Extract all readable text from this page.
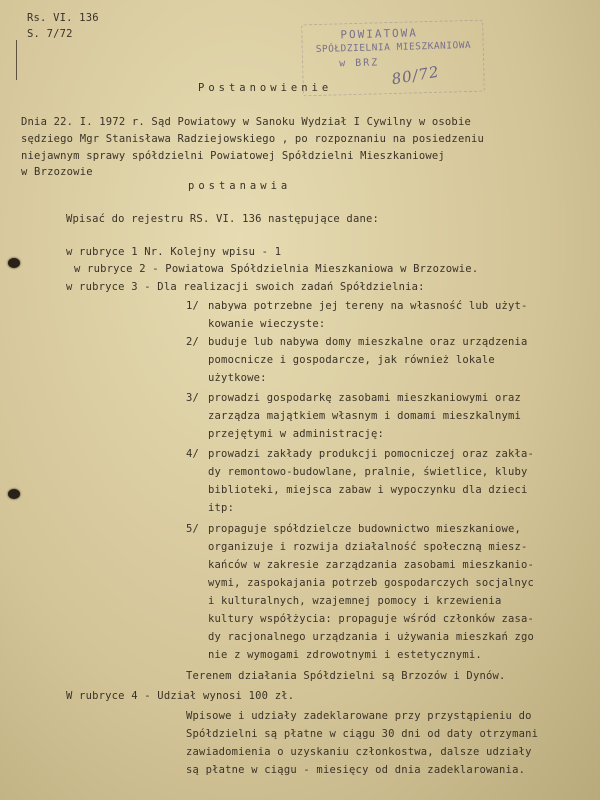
Rs. VI. 136
S. 7/72	POWIATOWA
SPÓŁDZIELNIA MIESZKANIOWA
w BRZ 80/72
Postanowienie
Dnia 22. I. 1972 r. Sąd Powiatowy w Sanoku Wydział I Cywilny w osobie
sędziego Mgr Stanisława Radziejowskiego , po rozpoznaniu na posiedzeniu
niejawnym sprawy spółdzielni Powiatowej Spółdzielni Mieszkaniowej
w Brzozowie
postanawia
Wpisać do rejestru RS. VI. 136 następujące dane:
w rubryce 1 Nr. Kolejny wpisu - 1
w rubryce 2 - Powiatowa Spółdzielnia Mieszkaniowa w Brzozowie.
w rubryce 3 - Dla realizacji swoich zadań Spółdzielnia:
1/ nabywa potrzebne jej tereny na własność lub użyt-
kowanie wieczyste:
2/ buduje lub nabywa domy mieszkalne oraz urządzenia
pomocnicze i gospodarcze, jak również lokale
użytkowe:
3/ prowadzi gospodarkę zasobami mieszkaniowymi oraz
zarządza majątkiem własnym i domami mieszkalnymi
przejętymi w administrację:
4/ prowadzi zakłady produkcji pomocniczej oraz zakła-
dy remontowo-budowlane, pralnie, świetlice, kluby
biblioteki, miejsca zabaw i wypoczynku dla dzieci
itp:
5/ propaguje spółdzielcze budownictwo mieszkaniowe,
organizuje i rozwija działalność społeczną miesz-
kańców w zakresie zarządzania zasobami mieszkanio-
wymi, zaspokajania potrzeb gospodarczych socjalnyc
i kulturalnych, wzajemnej pomocy i krzewienia
kultury współżycia: propaguje wśród członków zasa-
dy racjonalnego urządzania i używania mieszkań zgo
nie z wymogami zdrowotnymi i estetycznymi.
Terenem działania Spółdzielni są Brzozów i Dynów.
W rubryce 4 - Udział wynosi 100 zł.
Wpisowe i udziały zadeklarowane przy przystąpieniu do
Spółdzielni są płatne w ciągu 30 dni od daty otrzymani
zawiadomienia o uzyskaniu członkostwa, dalsze udziały
są płatne w ciągu - miesięcy od dnia zadeklarowania.
